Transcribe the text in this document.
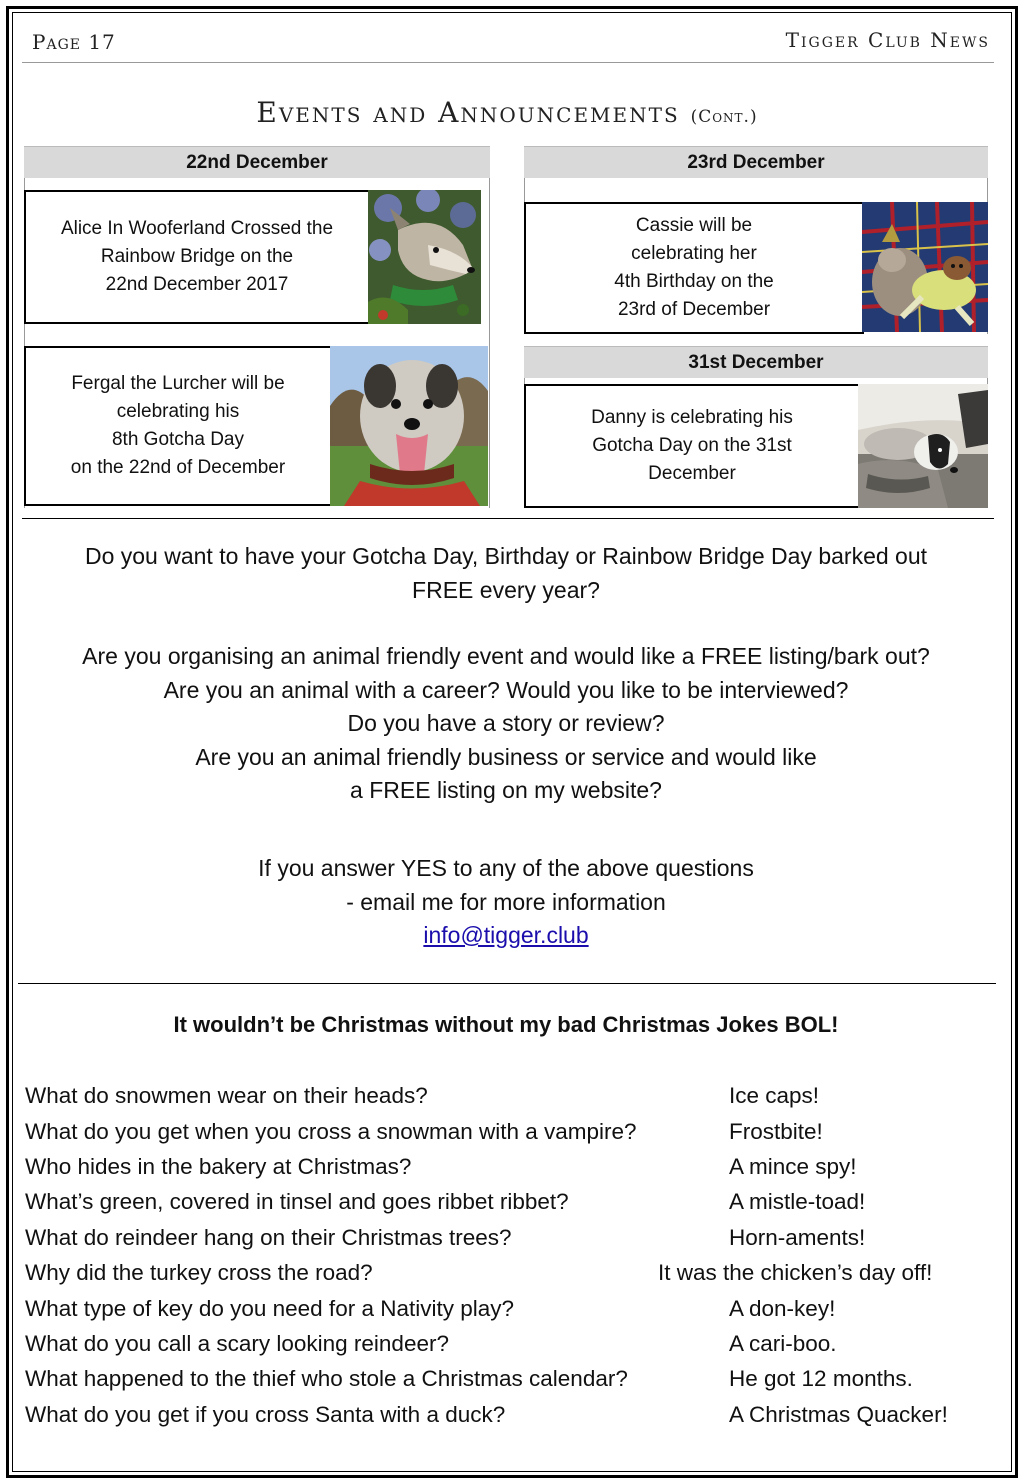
Page 17	Tigger Club News
Events and Announcements (Cont.)
22nd December
Alice In Wooferland Crossed the
Rainbow Bridge on the
22nd December 2017
Fergal the Lurcher will be
celebrating his
8th Gotcha Day
on the 22nd of December
23rd December
Cassie will be
celebrating her
4th Birthday on the
23rd of December
31st December
Danny is celebrating his
Gotcha Day on the 31st
December
Do you want to have your Gotcha Day, Birthday or Rainbow Bridge Day barked out
FREE every year?
Are you organising an animal friendly event and would like a FREE listing/bark out?
Are you an animal with a career? Would you like to be interviewed?
Do you have a story or review?
Are you an animal friendly business or service and would like
a FREE listing on my website?
If you answer YES to any of the above questions
- email me for more information
info@tigger.club
It wouldn’t be Christmas without my bad Christmas Jokes BOL!
What do snowmen wear on their heads?	Ice caps!
What do you get when you cross a snowman with a vampire?	Frostbite!
Who hides in the bakery at Christmas?	A mince spy!
What’s green, covered in tinsel and goes ribbet ribbet?	A mistle-toad!
What do reindeer hang on their Christmas trees?	Horn-aments!
Why did the turkey cross the road?	It was the chicken’s day off!
What type of key do you need for a Nativity play?	A don-key!
What do you call a scary looking reindeer?	A cari-boo.
What happened to the thief who stole a Christmas calendar?	He got 12 months.
What do you get if you cross Santa with a duck?	A Christmas Quacker!
